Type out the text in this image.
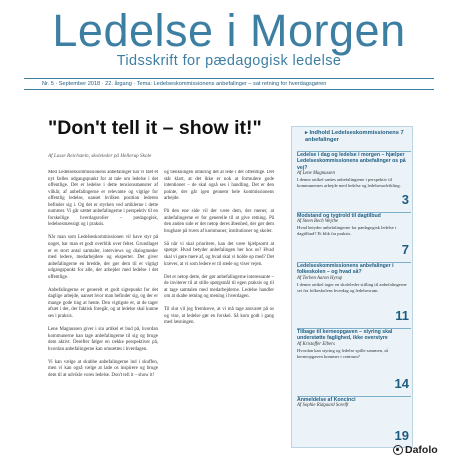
Ledelse i Morgen
Tidsskrift for pædagogisk ledelse
Nr. 5 · September 2018 · 22. årgang · Tema: Ledelseskommissionens anbefalinger – sat retning for hverdagsgøren
"Don't tell it – show it!"
Af Lasse Reichstein, skoleleder på Hellerup Skole

Med Ledelseskommissionens anbefalinger har vi fået et nyt fælles udgangspunkt for at tale om ledelse i det offentlige. Det er ledelse i dette tensionsmønster af vilkår, af anbefalingerne er relevante og vigtige for offentlig ledelse, uanset hvilken position lederen befinder sig i. Og det er styrken ved artiklerne i dette nummer. Vi går sættet anbefalingerne i perspektiv til en forskellige hverdagsroller – pædagogisk, ledelsesmæssigt og i praksis.

Når man som Ledelseskommissionen vil have styr på noget, har man et godt overblik over feltet. Grundlaget er et stort antal samtaler, interviews og dialogmøder med ledere, medarbejdere og eksperter. Det giver anbefalingerne en bredde, der gør dem til et vigtigt udgangspunkt for alle, der arbejder med ledelse i det offentlige.

Anbefalingerne er generelt et godt sigtepunkt for det daglige arbejde, uanset hvor man befinder sig, og der er mange gode ting at hente. Den vigtigste er, at de tager afsæt i det, der faktisk foregår, og at ledelse skal kunne ses i praksis.

Lene Magnussen giver i sin artikel et bud på, hvordan kommunerne kan tage anbefalingerne til sig og bruge dem aktivt. Derefter følger en række perspektiver på, hvordan anbefalingerne kan omsættes i hverdagen.

Vi kan vælge at skubbe anbefalingerne ind i skuffen, men vi kan også vælge at lade os inspirere og bruge dem til at udvikle vores ledelse. Don't tell it – show it!

og tænkningen omkring det at lede i det offentlige. Det står klart, at det ikke er nok at formulere gode intentioner – de skal også ses i handling. Det er den pointe, der går igen gennem hele kommissionens arbejde.

På den ene side vil der være dem, der mener, at anbefalingerne er for generelle til at give retning. På den anden side er det netop deres åbenhed, der gør dem brugbare på tværs af kommuner, institutioner og skoler.

Så når vi skal prioritere, kan det være hjælpsomt at spørge: Hvad betyder anbefalingen her hos os? Hvad skal vi gøre mere af, og hvad skal vi holde op med? Det kræver, at vi som ledere er til stede og viser vejen.

Det er netop dette, der gør anbefalingerne interessante – de inviterer til at stille spørgsmål til egen praksis og til at tage samtalen med medarbejderne. Ledelse handler om at skabe retning og mening i hverdagen.

Til slut vil jeg fremhæve, at vi må tage ansvaret på os og vise, at ledelse gør en forskel. Så kom godt i gang med læsningen.

▸ Indhold Ledelseskommissionens 7 anbefalinger
Ledelse i dag og ledelse i morgen – hjælper Ledelseskommissionens anbefalinger os på vej?
Af Lene Magnussen
I denne artikel sættes anbefalingerne i perspektiv til kommunernes arbejde med ledelse og ledelsesudvikling.
3
Modstand og tygtrold til dagtilbud
Af Steen Bech Wejrhe
Hvad betyder anbefalingerne for pædagogisk ledelse i dagtilbud? Et blik fra praksis.
7
Ledelseskommissionens anbefalinger i folkeskolen – og hvad så?
Af Torben Aaron Hyrup
I denne artikel tager en skoleleder stilling til anbefalingerne set fra folkeskolens hverdag og ledelsesrum.
11
Tilbage til kerneopgaven – styring skal understøtte faglighed, ikke overstyre
Af Kristoffer Elbers
Hvordan kan styring og ledelse spille sammen, så kerneopgaven kommer i centrum?
14
Anmeldelse af Koncinci
Af Sophie Ridgaard Sorelft
19
Dafolo
